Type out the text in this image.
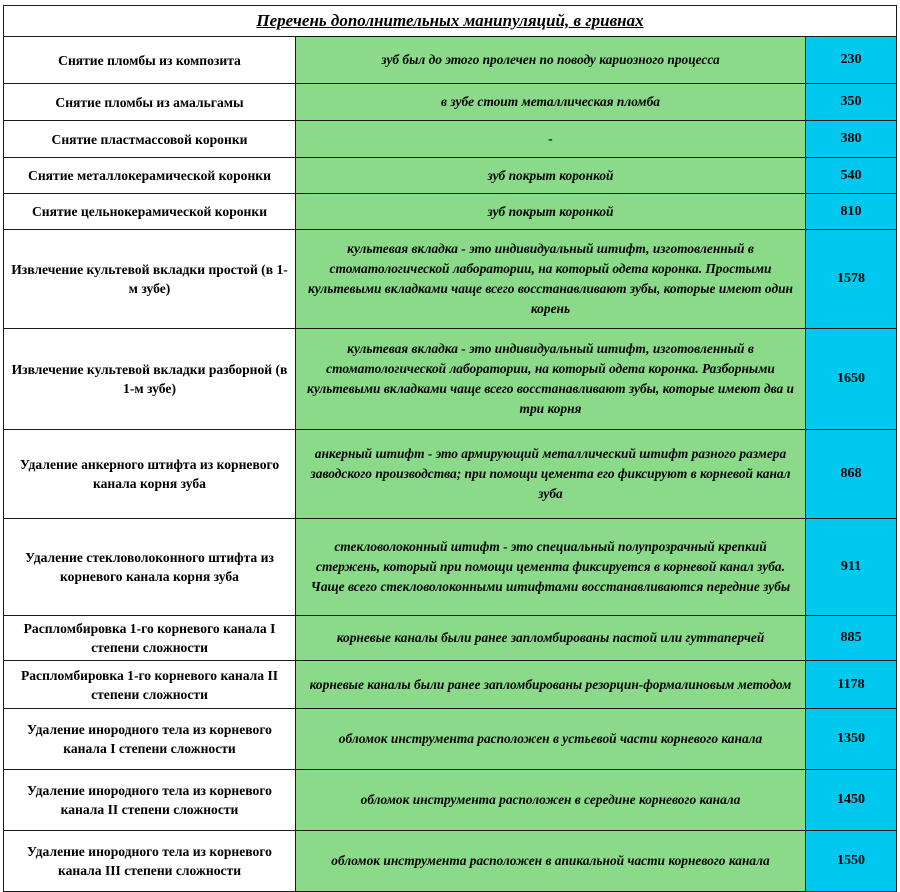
Перечень дополнительных манипуляций, в гривнах		
Снятие пломбы из композита	зуб был до этого пролечен по поводу кариозного процесса	230
Снятие пломбы из амальгамы	в зубе стоит металлическая пломба	350
Снятие пластмассовой коронки	-	380
Снятие металлокерамической коронки	зуб покрыт коронкой	540
Снятие цельнокерамической коронки	зуб покрыт коронкой	810
Извлечение культевой вкладки простой (в 1-м зубе)	культевая вкладка - это индивидуальный штифт, изготовленный в стоматологической лаборатории, на который одета коронка. Простыми культевыми вкладками чаще всего восстанавливают зубы, которые имеют один корень	1578
Извлечение культевой вкладки разборной (в 1-м зубе)	культевая вкладка - это индивидуальный штифт, изготовленный в стоматологической лаборатории, на который одета коронка. Разборными культевыми вкладками чаще всего восстанавливают зубы, которые имеют два и три корня	1650
Удаление анкерного штифта из корневого канала корня зуба	анкерный штифт - это армирующий металлический штифт разного размера заводского производства; при помощи цемента его фиксируют в корневой канал зуба	868
Удаление стекловолоконного штифта из корневого канала корня зуба	стекловолоконный штифт - это специальный полупрозрачный крепкий стержень, который при помощи цемента фиксируется в корневой канал зуба. Чаще всего стекловолоконными штифтами восстанавливаются передние зубы	911
Распломбировка 1-го корневого канала I степени сложности	корневые каналы были ранее запломбированы пастой или гуттаперчей	885
Распломбировка 1-го корневого канала II степени сложности	корневые каналы были ранее запломбированы резорцин-формалиновым методом	1178
Удаление инородного тела из корневого канала I степени сложности	обломок инструмента расположен в устьевой части корневого канала	1350
Удаление инородного тела из корневого канала II степени сложности	обломок инструмента расположен в середине корневого канала	1450
Удаление инородного тела из корневого канала III степени сложности	обломок инструмента расположен в апикальной части корневого канала	1550
